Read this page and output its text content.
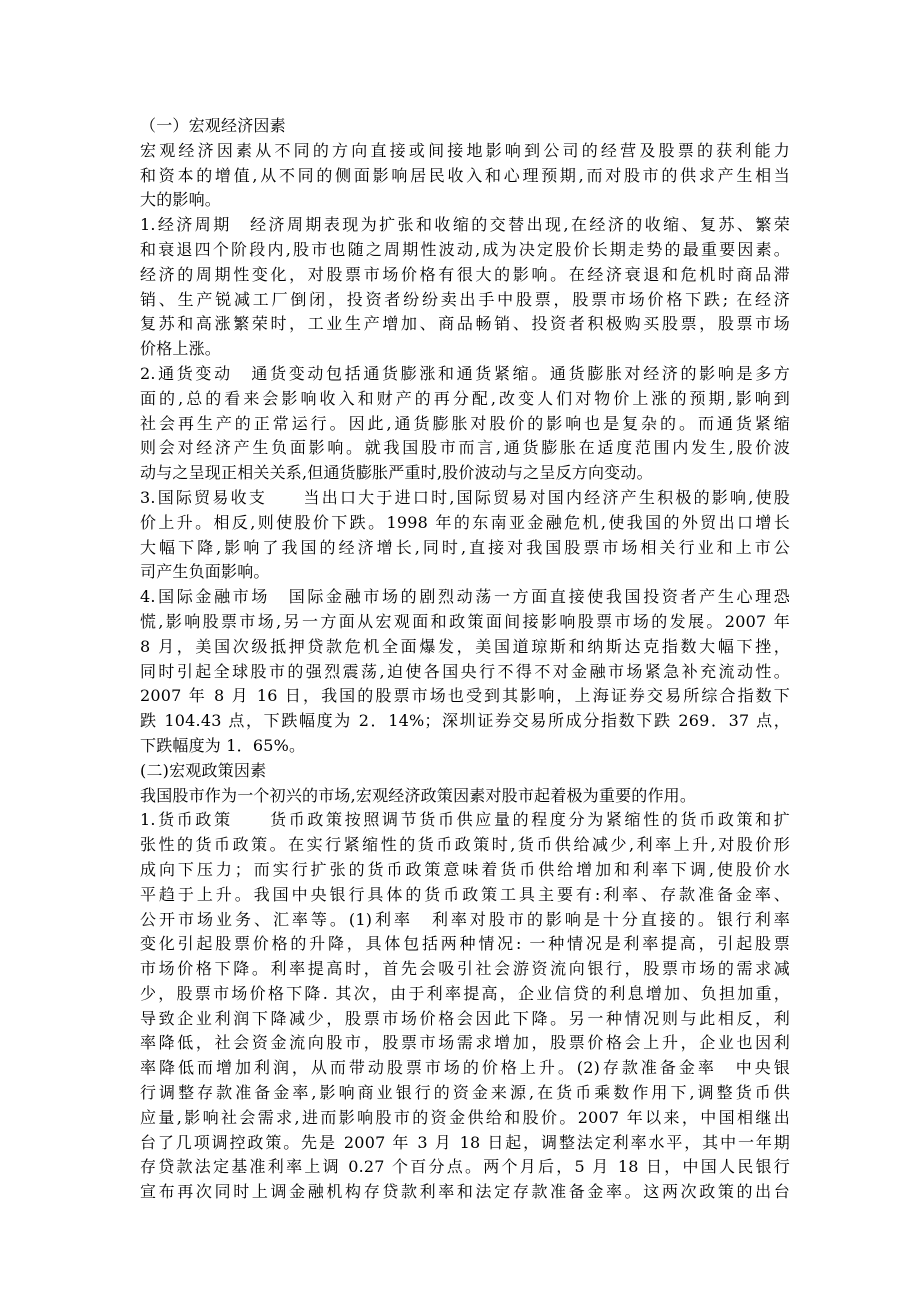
（一）宏观经济因素
宏观经济因素从不同的方向直接或间接地影响到公司的经营及股票的获利能力
和资本的增值,从不同的侧面影响居民收入和心理预期,而对股市的供求产生相当
大的影响。
1.经济周期　经济周期表现为扩张和收缩的交替出现,在经济的收缩、复苏、繁荣
和衰退四个阶段内,股市也随之周期性波动,成为决定股价长期走势的最重要因素。
经济的周期性变化，对股票市场价格有很大的影响。在经济衰退和危机时商品滞
销、生产锐减工厂倒闭，投资者纷纷卖出手中股票，股票市场价格下跌; 在经济
复苏和高涨繁荣时，工业生产增加、商品畅销、投资者积极购买股票，股票市场
价格上涨。
2.通货变动　通货变动包括通货膨涨和通货紧缩。通货膨胀对经济的影响是多方
面的,总的看来会影响收入和财产的再分配,改变人们对物价上涨的预期,影响到
社会再生产的正常运行。因此,通货膨胀对股价的影响也是复杂的。而通货紧缩
则会对经济产生负面影响。就我国股市而言,通货膨胀在适度范围内发生,股价波
动与之呈现正相关关系,但通货膨胀严重时,股价波动与之呈反方向变动。
3.国际贸易收支　　当出口大于进口时,国际贸易对国内经济产生积极的影响,使股
价上升。相反,则使股价下跌。1998 年的东南亚金融危机,使我国的外贸出口增长
大幅下降,影响了我国的经济增长,同时,直接对我国股票市场相关行业和上市公
司产生负面影响。
4.国际金融市场　国际金融市场的剧烈动荡一方面直接使我国投资者产生心理恐
慌,影响股票市场,另一方面从宏观面和政策面间接影响股票市场的发展。2007 年
8 月，美国次级抵押贷款危机全面爆发，美国道琼斯和纳斯达克指数大幅下挫，
同时引起全球股市的强烈震荡,迫使各国央行不得不对金融市场紧急补充流动性。
2007 年 8 月 16 日，我国的股票市场也受到其影响，上海证券交易所综合指数下
跌 104.43 点，下跌幅度为 2．14%；深圳证券交易所成分指数下跌 269．37 点，
下跌幅度为 1．65%。
(二)宏观政策因素
我国股市作为一个初兴的市场,宏观经济政策因素对股市起着极为重要的作用。
1.货币政策　　货币政策按照调节货币供应量的程度分为紧缩性的货币政策和扩
张性的货币政策。在实行紧缩性的货币政策时,货币供给减少,利率上升,对股价形
成向下压力；而实行扩张的货币政策意味着货币供给增加和利率下调,使股价水
平趋于上升。我国中央银行具体的货币政策工具主要有:利率、存款准备金率、
公开市场业务、汇率等。(1)利率　利率对股市的影响是十分直接的。银行利率
变化引起股票价格的升降，具体包括两种情况: 一种情况是利率提高，引起股票
市场价格下降。利率提高时，首先会吸引社会游资流向银行，股票市场的需求减
少，股票市场价格下降. 其次，由于利率提高，企业信贷的利息增加、负担加重，
导致企业利润下降减少，股票市场价格会因此下降。另一种情况则与此相反，利
率降低，社会资金流向股市，股票市场需求增加，股票价格会上升，企业也因利
率降低而增加利润，从而带动股票市场的价格上升。(2)存款准备金率　中央银
行调整存款准备金率,影响商业银行的资金来源,在货币乘数作用下,调整货币供
应量,影响社会需求,进而影响股市的资金供给和股价。2007 年以来，中国相继出
台了几项调控政策。先是 2007 年 3 月 18 日起，调整法定利率水平，其中一年期
存贷款法定基准利率上调 0.27 个百分点。两个月后，5 月 18 日，中国人民银行
宣布再次同时上调金融机构存贷款利率和法定存款准备金率。这两次政策的出台
